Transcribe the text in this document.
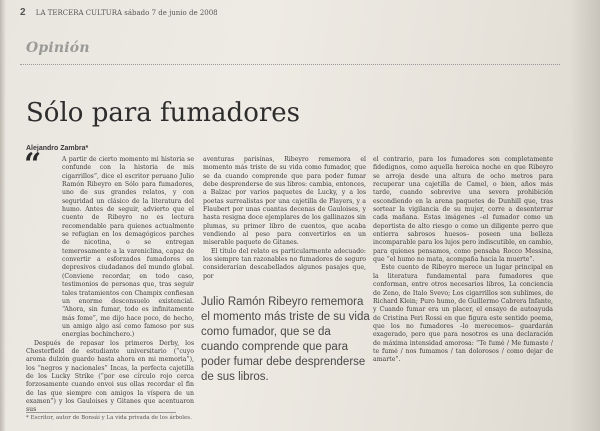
2 LA TERCERA CULTURA sábado 7 de junio de 2008
Opinión
Sólo para fumadores
Alejandro Zambra*
“	A partir de cierto momento mi historia se confunde con la historia de mis cigarrillos”, dice el escritor peruano Julio Ramón Ribeyro en Sólo para fumadores, uno de sus grandes relatos, y con seguridad un clásico de la literatura del humo. Antes de seguir, advierto que el cuento de Ribeyro no es lectura recomendable para quienes actualmente se refugian en los demagógicos parches de nicotina, o se entregan temerosamente a la vareniclina, capaz de convertir a esforzados fumadores en depresivos ciudadanos del mundo global. (Conviene recordar, en todo caso, testimonios de personas que, tras seguir tales tratamientos con Champix confiesan un enorme desconsuelo existencial. “Ahora, sin fumar, todo es infinitamente más fome”, me dijo hace poco, de hecho, un amigo algo así como famoso por sus energías bochinchero.)

Después de repasar los primeros Derby, los Chesterfield de estudiante universitario (“cuyo aroma dulzón guardo hasta ahora en mi memoria”), los “negros y nacionales” Incas, la perfecta cajetilla de los Lucky Strike (“por ese círculo rojo cerca forzosamente cuando envoi sus ollas recordar el fin de las que siempre con amigos la víspera de un examen”) y los Gauloises y Gitanes que acentuaron sus

aventuras parisinas, Ribeyro rememora el momento más triste de su vida como fumador, que se da cuando comprende que para poder fumar debe desprenderse de sus libros: cambia, entonces, a Balzac por varios paquetes de Lucky, y a los poetas surrealistas por una cajetilla de Players, y a Flaubert por unas cuantas decenas de Gauloises, y hasta resigna doce ejemplares de los gallinazos sin plumas, su primer libro de cuentos, que acaba vendiendo al peso para convertirlos en un miserable paquete de Gitanes.

El título del relato es particularmente adecuado: los siempre tan razonables no fumadores de seguro considerarían descabellados algunos pasajes que, por

Julio Ramón Ribeyro rememora el momento más triste de su vida como fumador, que se da cuando comprende que para poder fumar debe desprenderse de sus libros.

el contrario, para los fumadores son completamente fidedignos, como aquella heroica noche en que Ribeyro se arroja desde una altura de ocho metros para recuperar una cajetilla de Camel, o bien, años más tarde, cuando sobrevive una severa prohibición escondiendo en la arena paquetes de Dunhill que, tras sortear la vigilancia de su mujer, corre a desenterrar cada mañana. Estas imágenes –el fumador como un deportista de alto riesgo o como un diligente perro que entierra sabrosos huesos– poseen una belleza incomparable para los lujos pero indiscutible, en cambio, para quienes pensamos, como pensaba Rocco Messina, que “el humo no mata, acompaña hacia la muerte”.

Este cuento de Ribeyro merece un lugar principal en la literatura fundamental para fumadores que conforman, entre otros necesarios libros, La conciencia de Zeno, de Italo Svevo; Los cigarrillos son sublimes, de Richard Klein; Puro humo, de Guillermo Cabrera Infante, y Cuando fumar era un placer, el ensayo de autoayuda de Cristina Peri Rossi en que figura este sentido poema, que los no fumadores –lo merecemos– guardarán exagerado, pero que para nosotros es una declaración de máxima intensidad amorosa: “Te fumé / Me fumaste / te fumé / nos fumamos / tan dolorosos / como dejar de amarte”.

* Escritor, autor de Bonsái y La vida privada de los árboles.
